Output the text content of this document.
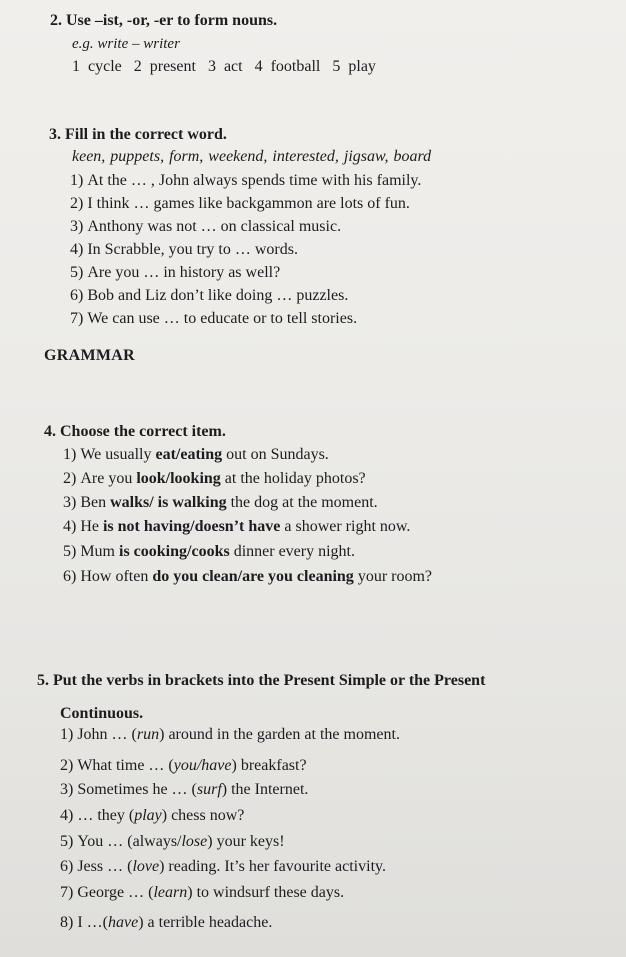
2. Use –ist, -or, -er to form nouns.
e.g. write – writer
1  cycle   2  present   3  act   4  football   5  play
3. Fill in the correct word.
keen, puppets, form, weekend, interested, jigsaw, board
1) At the … , John always spends time with his family.
2) I think … games like backgammon are lots of fun.
3) Anthony was not … on classical music.
4) In Scrabble, you try to … words.
5) Are you … in history as well?
6) Bob and Liz don’t like doing … puzzles.
7) We can use … to educate or to tell stories.
GRAMMAR
4. Choose the correct item.
1) We usually eat/eating out on Sundays.
2) Are you look/looking at the holiday photos?
3) Ben walks/ is walking the dog at the moment.
4) He is not having/doesn’t have a shower right now.
5) Mum is cooking/cooks dinner every night.
6) How often do you clean/are you cleaning your room?
5. Put the verbs in brackets into the Present Simple or the Present
Continuous.
1) John … (run) around in the garden at the moment.
2) What time … (you/have) breakfast?
3) Sometimes he … (surf) the Internet.
4) … they (play) chess now?
5) You … (always/lose) your keys!
6) Jess … (love) reading. It’s her favourite activity.
7) George … (learn) to windsurf these days.
8) I …(have) a terrible headache.
